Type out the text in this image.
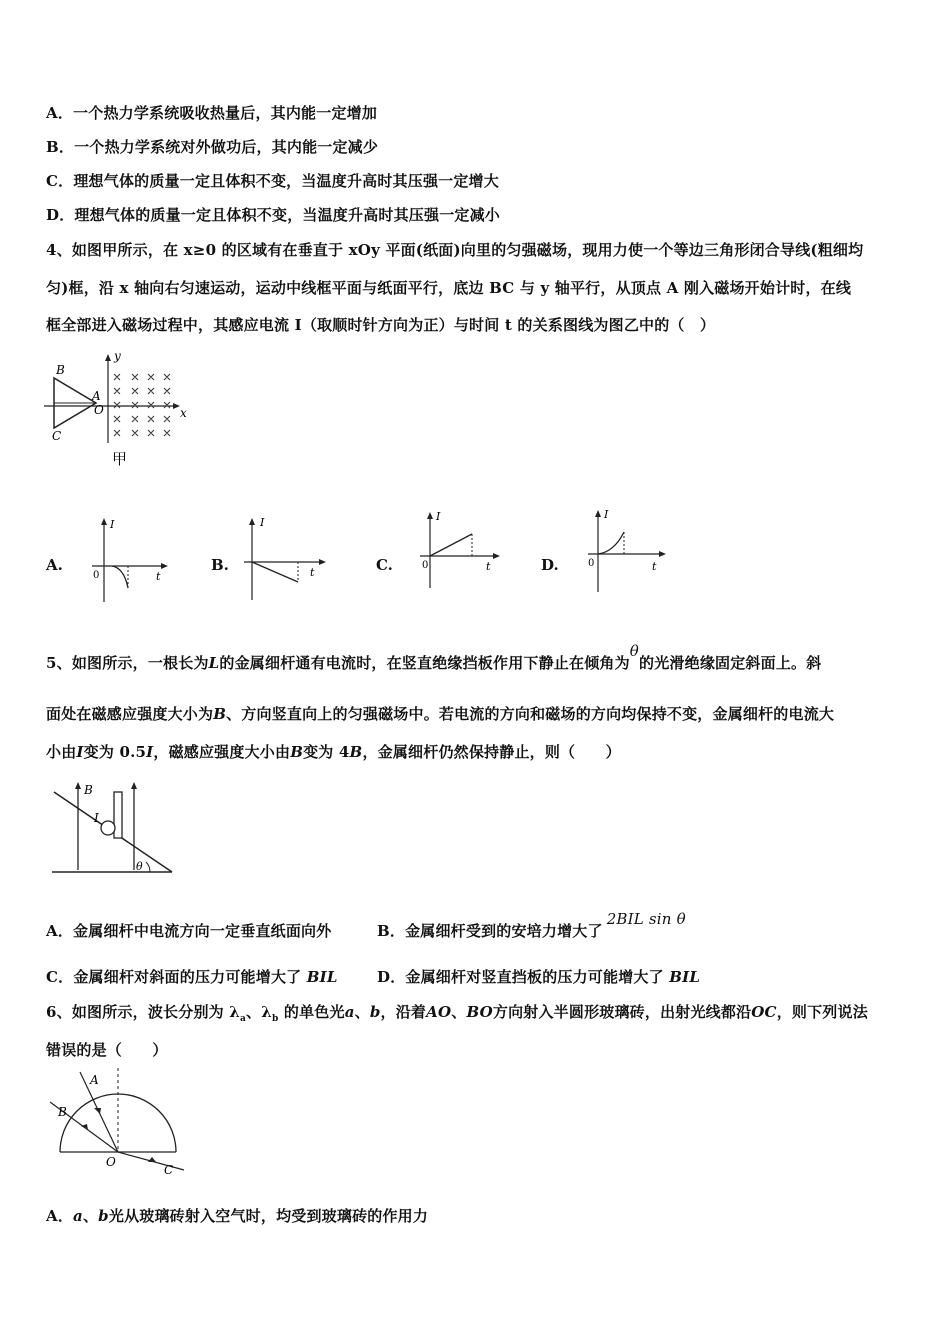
A．一个热力学系统吸收热量后，其内能一定增加
B．一个热力学系统对外做功后，其内能一定减少
C．理想气体的质量一定且体积不变，当温度升高时其压强一定增大
D．理想气体的质量一定且体积不变，当温度升高时其压强一定减小
4、如图甲所示，在 x≥0 的区域有在垂直于 xOy 平面(纸面)向里的匀强磁场，现用力使一个等边三角形闭合导线(粗细均
匀)框，沿 x 轴向右匀速运动，运动中线框平面与纸面平行，底边 BC 与 y 轴平行，从顶点 A 刚入磁场开始计时，在线
框全部进入磁场过程中，其感应电流 I（取顺时针方向为正）与时间 t 的关系图线为图乙中的（　）
B
A
O
C
x
y
甲
A.
I
0	t
B.
I
t	C.
I
0	t	D.
I
0	t
5、如图所示，一根长为L的金属细杆通有电流时，在竖直绝缘挡板作用下静止在倾角为θ的光滑绝缘固定斜面上。斜
面处在磁感应强度大小为B、方向竖直向上的匀强磁场中。若电流的方向和磁场的方向均保持不变，金属细杆的电流大
小由I变为 0.5I，磁感应强度大小由B变为 4B，金属细杆仍然保持静止，则（　　）
B
I
θ
A．金属细杆中电流方向一定垂直纸面向外	B．金属细杆受到的安培力增大了2BIL sin θ
C．金属细杆对斜面的压力可能增大了 BIL	D．金属细杆对竖直挡板的压力可能增大了 BIL
6、如图所示，波长分别为 $\lambda_a$、$\lambda_b$ 的单色光a、b，沿着AO、BO方向射入半圆形玻璃砖，出射光线都沿OC，则下列说法
错误的是（　　）
A
B
O
C
A．a、b光从玻璃砖射入空气时，均受到玻璃砖的作用力
